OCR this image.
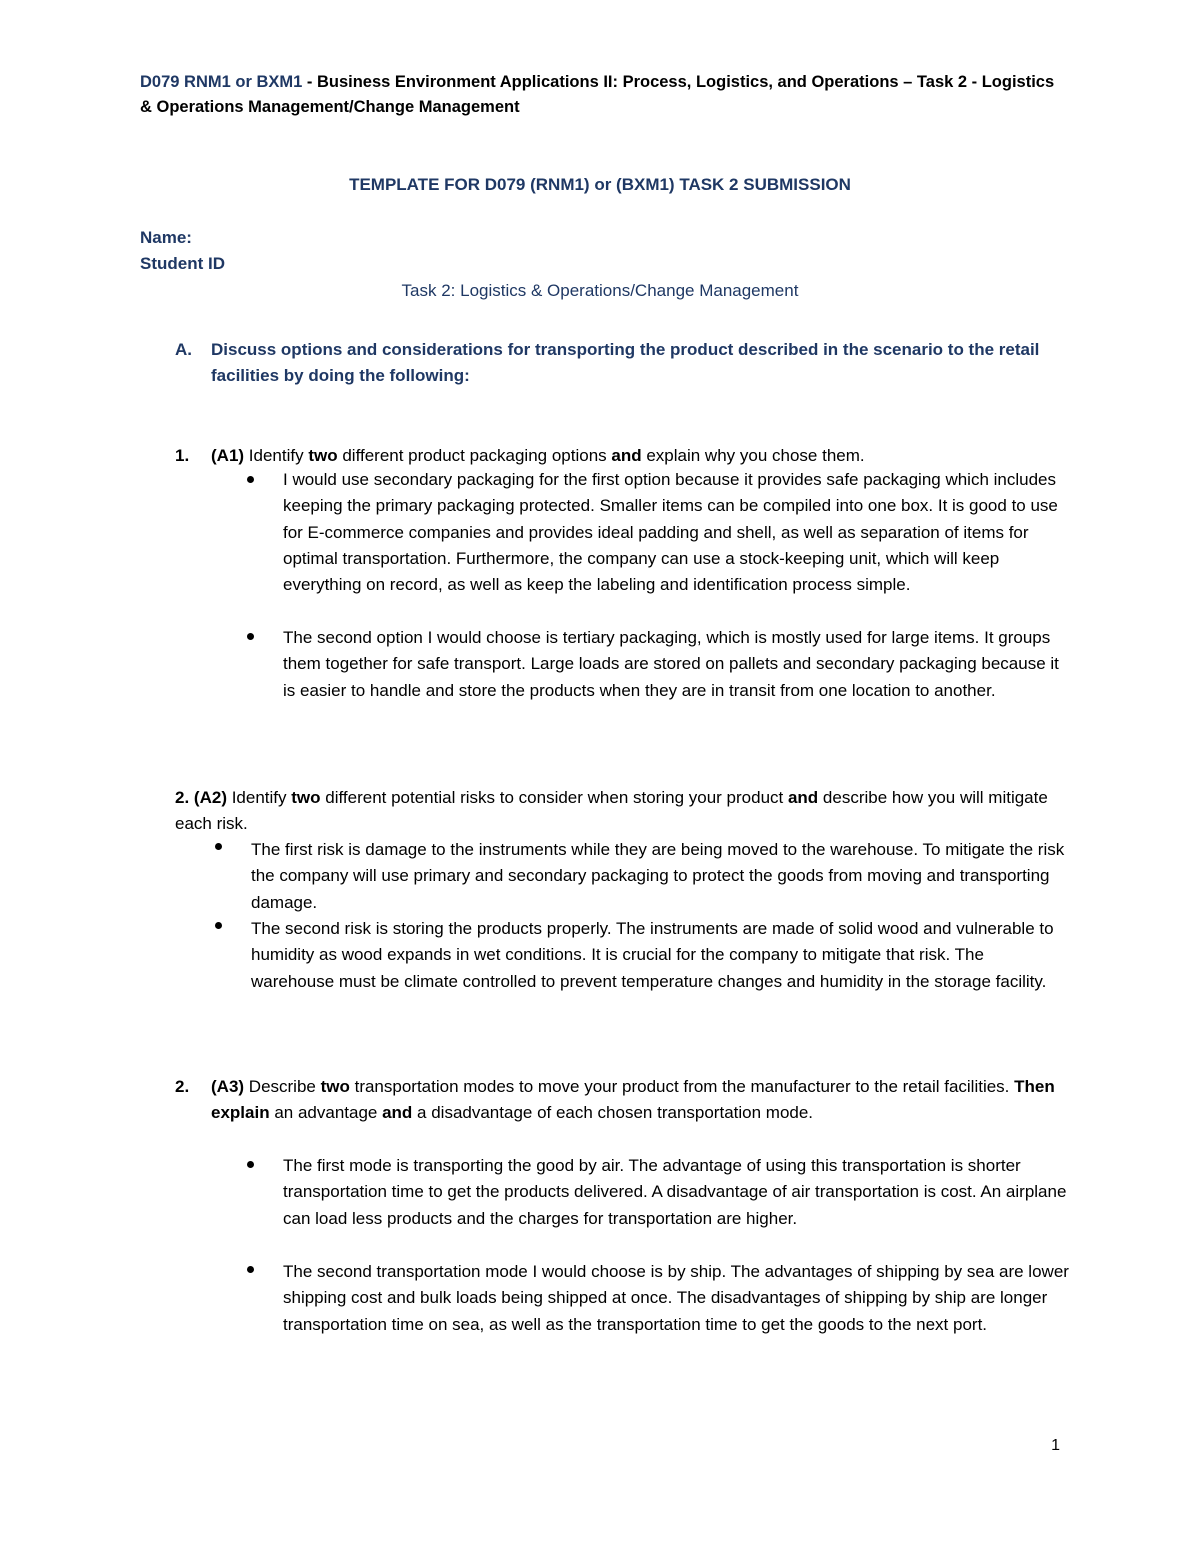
D079 RNM1 or BXM1 - Business Environment Applications II: Process, Logistics, and Operations – Task 2 - Logistics & Operations Management/Change Management
TEMPLATE FOR D079 (RNM1) or (BXM1) TASK 2 SUBMISSION
Name:
Student ID
Task 2: Logistics & Operations/Change Management
A. Discuss options and considerations for transporting the product described in the scenario to the retail facilities by doing the following:
1. (A1) Identify two different product packaging options and explain why you chose them.
I would use secondary packaging for the first option because it provides safe packaging which includes keeping the primary packaging protected. Smaller items can be compiled into one box. It is good to use for E-commerce companies and provides ideal padding and shell, as well as separation of items for optimal transportation. Furthermore, the company can use a stock-keeping unit, which will keep everything on record, as well as keep the labeling and identification process simple.
The second option I would choose is tertiary packaging, which is mostly used for large items. It groups them together for safe transport. Large loads are stored on pallets and secondary packaging because it is easier to handle and store the products when they are in transit from one location to another.
2. (A2) Identify two different potential risks to consider when storing your product and describe how you will mitigate each risk.
The first risk is damage to the instruments while they are being moved to the warehouse. To mitigate the risk the company will use primary and secondary packaging to protect the goods from moving and transporting damage.
The second risk is storing the products properly. The instruments are made of solid wood and vulnerable to humidity as wood expands in wet conditions. It is crucial for the company to mitigate that risk. The warehouse must be climate controlled to prevent temperature changes and humidity in the storage facility.
2. (A3) Describe two transportation modes to move your product from the manufacturer to the retail facilities. Then explain an advantage and a disadvantage of each chosen transportation mode.
The first mode is transporting the good by air. The advantage of using this transportation is shorter transportation time to get the products delivered. A disadvantage of air transportation is cost. An airplane can load less products and the charges for transportation are higher.
The second transportation mode I would choose is by ship. The advantages of shipping by sea are lower shipping cost and bulk loads being shipped at once. The disadvantages of shipping by ship are longer transportation time on sea, as well as the transportation time to get the goods to the next port.
1
